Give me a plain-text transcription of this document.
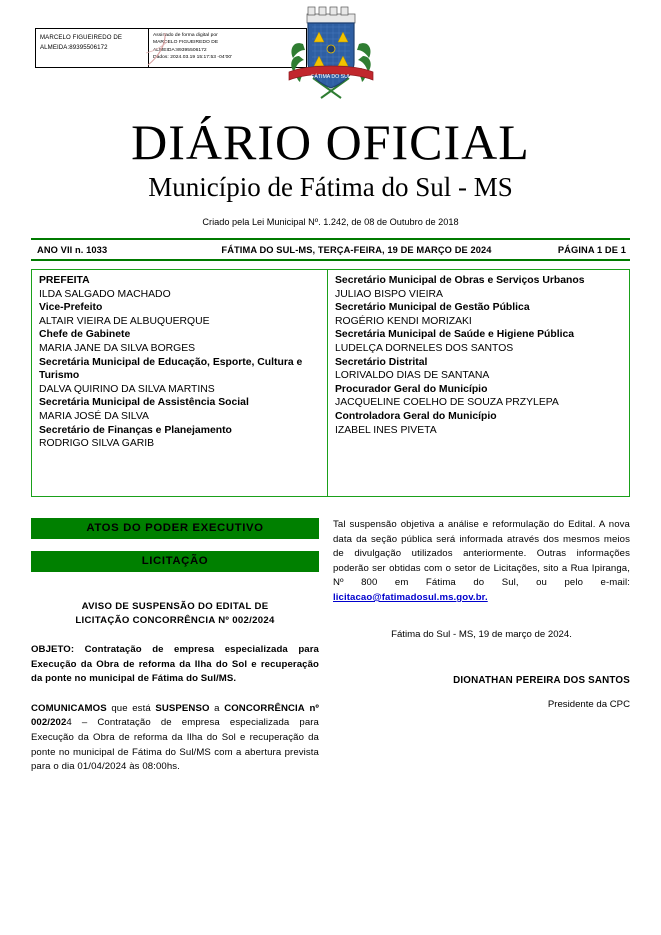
MARCELO FIGUEIREDO DE
ALMEIDA:89395506172
Assinado de forma digital por
MARCELO FIGUEIREDO DE
ALMEIDA:89395506172
Dados: 2024.03.19 15:17:53 -04'00'
FÁTIMA DO SUL
DIÁRIO OFICIAL
Município de Fátima do Sul - MS
Criado pela Lei Municipal Nº. 1.242, de 08 de Outubro de 2018
ANO VII n. 1033	FÁTIMA DO SUL-MS, TERÇA-FEIRA, 19 DE MARÇO DE 2024	PÁGINA 1 DE 1
PREFEITA
ILDA SALGADO MACHADO
Vice-Prefeito
ALTAIR VIEIRA DE ALBUQUERQUE
Chefe de Gabinete
MARIA JANE DA SILVA BORGES
Secretária Municipal de Educação, Esporte, Cultura e Turismo
DALVA QUIRINO DA SILVA MARTINS
Secretária Municipal de Assistência Social
MARIA JOSÉ DA SILVA
Secretário de Finanças e Planejamento
RODRIGO SILVA GARIB
Secretário Municipal de Obras e Serviços Urbanos
JULIAO BISPO VIEIRA
Secretário Municipal de Gestão Pública
ROGÉRIO KENDI MORIZAKI
Secretária Municipal de Saúde e Higiene Pública
LUDELÇA DORNELES DOS SANTOS
Secretário Distrital
LORIVALDO DIAS DE SANTANA
Procurador Geral do Município
JACQUELINE COELHO DE SOUZA PRZYLEPA
Controladora Geral do Município
IZABEL INES PIVETA
ATOS DO PODER EXECUTIVO
LICITAÇÃO
AVISO DE SUSPENSÃO DO EDITAL DE
LICITAÇÃO CONCORRÊNCIA Nº 002/2024
OBJETO: Contratação de empresa especializada para Execução da Obra de reforma da Ilha do Sol e recuperação da ponte no municipal de Fátima do Sul/MS.
COMUNICAMOS que está SUSPENSO a CONCORRÊNCIA nº 002/2024 – Contratação de empresa especializada para Execução da Obra de reforma da Ilha do Sol e recuperação da ponte no municipal de Fátima do Sul/MS com a abertura prevista para o dia 01/04/2024 às 08:00hs.
Tal suspensão objetiva a análise e reformulação do Edital. A nova data da seção pública será informada através dos mesmos meios de divulgação utilizados anteriormente. Outras informações poderão ser obtidas com o setor de Licitações, sito a Rua Ipiranga, Nº 800 em Fátima do Sul, ou pelo e-mail: licitacao@fatimadosul.ms.gov.br.
Fátima do Sul - MS, 19 de março de 2024.
DIONATHAN PEREIRA DOS SANTOS
Presidente da CPC
